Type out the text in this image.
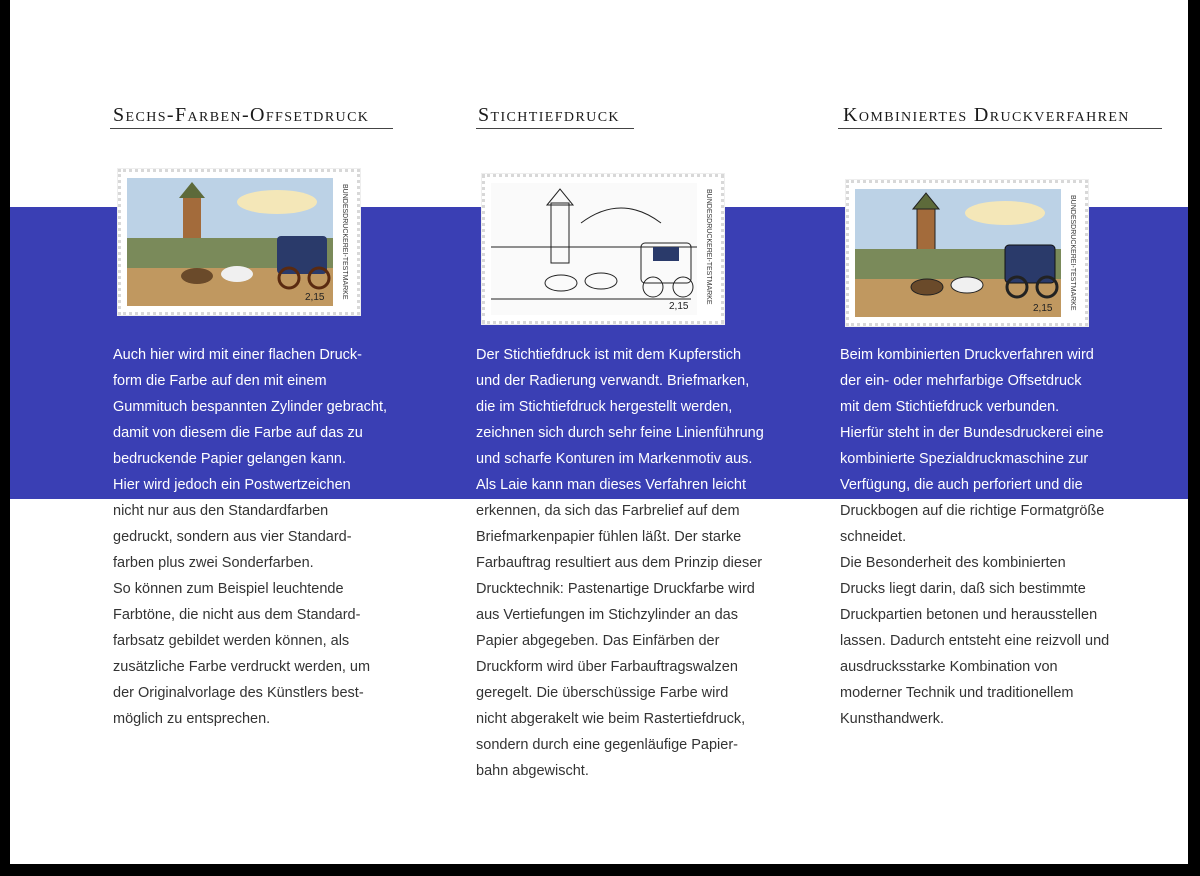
Sechs-Farben-Offsetdruck
BUNDESDRUCKEREI-TESTMARKE
2,15
Auch hier wird mit einer flachen Druck-
form die Farbe auf den mit einem
Gummituch bespannten Zylinder gebracht,
damit von diesem die Farbe auf das zu
bedruckende Papier gelangen kann.
Hier wird jedoch ein Postwertzeichen
nicht nur aus den Standardfarben
gedruckt, sondern aus vier Standard-
farben plus zwei Sonderfarben.
So können zum Beispiel leuchtende
Farbtöne, die nicht aus dem Standard-
farbsatz gebildet werden können, als
zusätzliche Farbe verdruckt werden, um
der Originalvorlage des Künstlers best-
möglich zu entsprechen.
Stichtiefdruck
BUNDESDRUCKEREI-TESTMARKE
2,15
Der Stichtiefdruck ist mit dem Kupferstich
und der Radierung verwandt. Briefmarken,
die im Stichtiefdruck hergestellt werden,
zeichnen sich durch sehr feine Linienführung
und scharfe Konturen im Markenmotiv aus.
Als Laie kann man dieses Verfahren leicht
erkennen, da sich das Farbrelief auf dem
Briefmarkenpapier fühlen läßt. Der starke
Farbauftrag resultiert aus dem Prinzip dieser
Drucktechnik: Pastenartige Druckfarbe wird
aus Vertiefungen im Stichzylinder an das
Papier abgegeben. Das Einfärben der
Druckform wird über Farbauftragswalzen
geregelt. Die überschüssige Farbe wird
nicht abgerakelt wie beim Rastertiefdruck,
sondern durch eine gegenläufige Papier-
bahn abgewischt.
Kombiniertes Druckverfahren
BUNDESDRUCKEREI-TESTMARKE
2,15
Beim kombinierten Druckverfahren wird
der ein- oder mehrfarbige Offsetdruck
mit dem Stichtiefdruck verbunden.
Hierfür steht in der Bundesdruckerei eine
kombinierte Spezialdruckmaschine zur
Verfügung, die auch perforiert und die
Druckbogen auf die richtige Formatgröße
schneidet.
Die Besonderheit des kombinierten
Drucks liegt darin, daß sich bestimmte
Druckpartien betonen und herausstellen
lassen. Dadurch entsteht eine reizvoll und
ausdrucksstarke Kombination von
moderner Technik und traditionellem
Kunsthandwerk.
